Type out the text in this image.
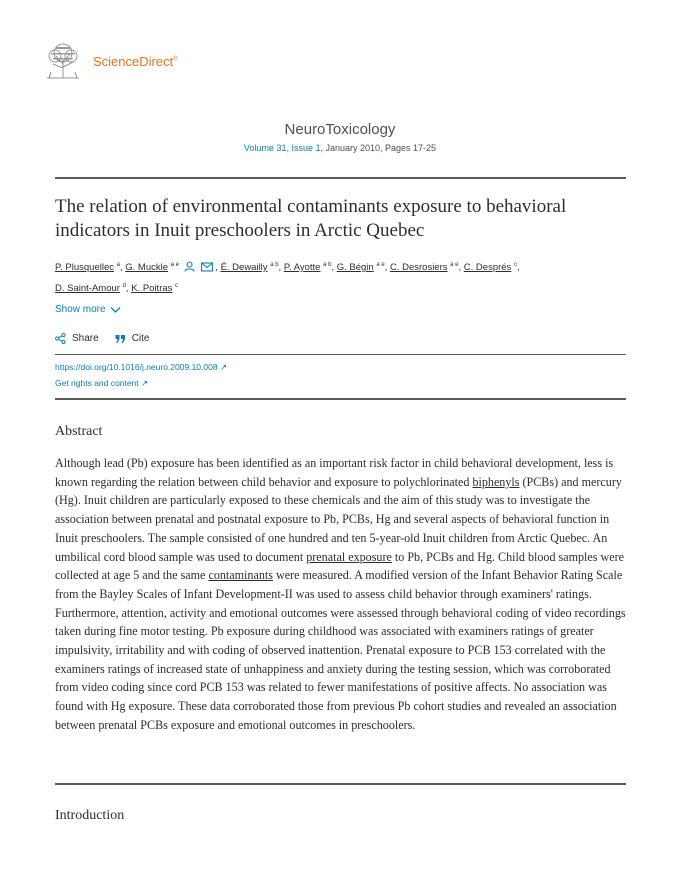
ScienceDirect®
NeuroToxicology
Volume 31, Issue 1, January 2010, Pages 17-25
The relation of environmental contaminants exposure to behavioral indicators in Inuit preschoolers in Arctic Quebec
P. Plusquellec $^a$, G. Muckle $^{a e}$	, É. Dewailly $^{a b}$, P. Ayotte $^{a b}$, G. Bégin $^{a e}$, C. Desrosiers $^{a e}$, C. Després $^c$,
D. Saint-Amour $^d$, K. Poitras $^c$
Show more
Share	Cite
https://doi.org/10.1016/j.neuro.2009.10.008 ↗
Get rights and content ↗
Abstract
Although lead (Pb) exposure has been identified as an important risk factor in child behavioral development, less is known regarding the relation between child behavior and exposure to polychlorinated biphenyls (PCBs) and mercury (Hg). Inuit children are particularly exposed to these chemicals and the aim of this study was to investigate the association between prenatal and postnatal exposure to Pb, PCBs, Hg and several aspects of behavioral function in Inuit preschoolers. The sample consisted of one hundred and ten 5-year-old Inuit children from Arctic Quebec. An umbilical cord blood sample was used to document prenatal exposure to Pb, PCBs and Hg. Child blood samples were collected at age 5 and the same contaminants were measured. A modified version of the Infant Behavior Rating Scale from the Bayley Scales of Infant Development-II was used to assess child behavior through examiners' ratings. Furthermore, attention, activity and emotional outcomes were assessed through behavioral coding of video recordings taken during fine motor testing. Pb exposure during childhood was associated with examiners ratings of greater impulsivity, irritability and with coding of observed inattention. Prenatal exposure to PCB 153 correlated with the examiners ratings of increased state of unhappiness and anxiety during the testing session, which was corroborated from video coding since cord PCB 153 was related to fewer manifestations of positive affects. No association was found with Hg exposure. These data corroborated those from previous Pb cohort studies and revealed an association between prenatal PCBs exposure and emotional outcomes in preschoolers.
Introduction
